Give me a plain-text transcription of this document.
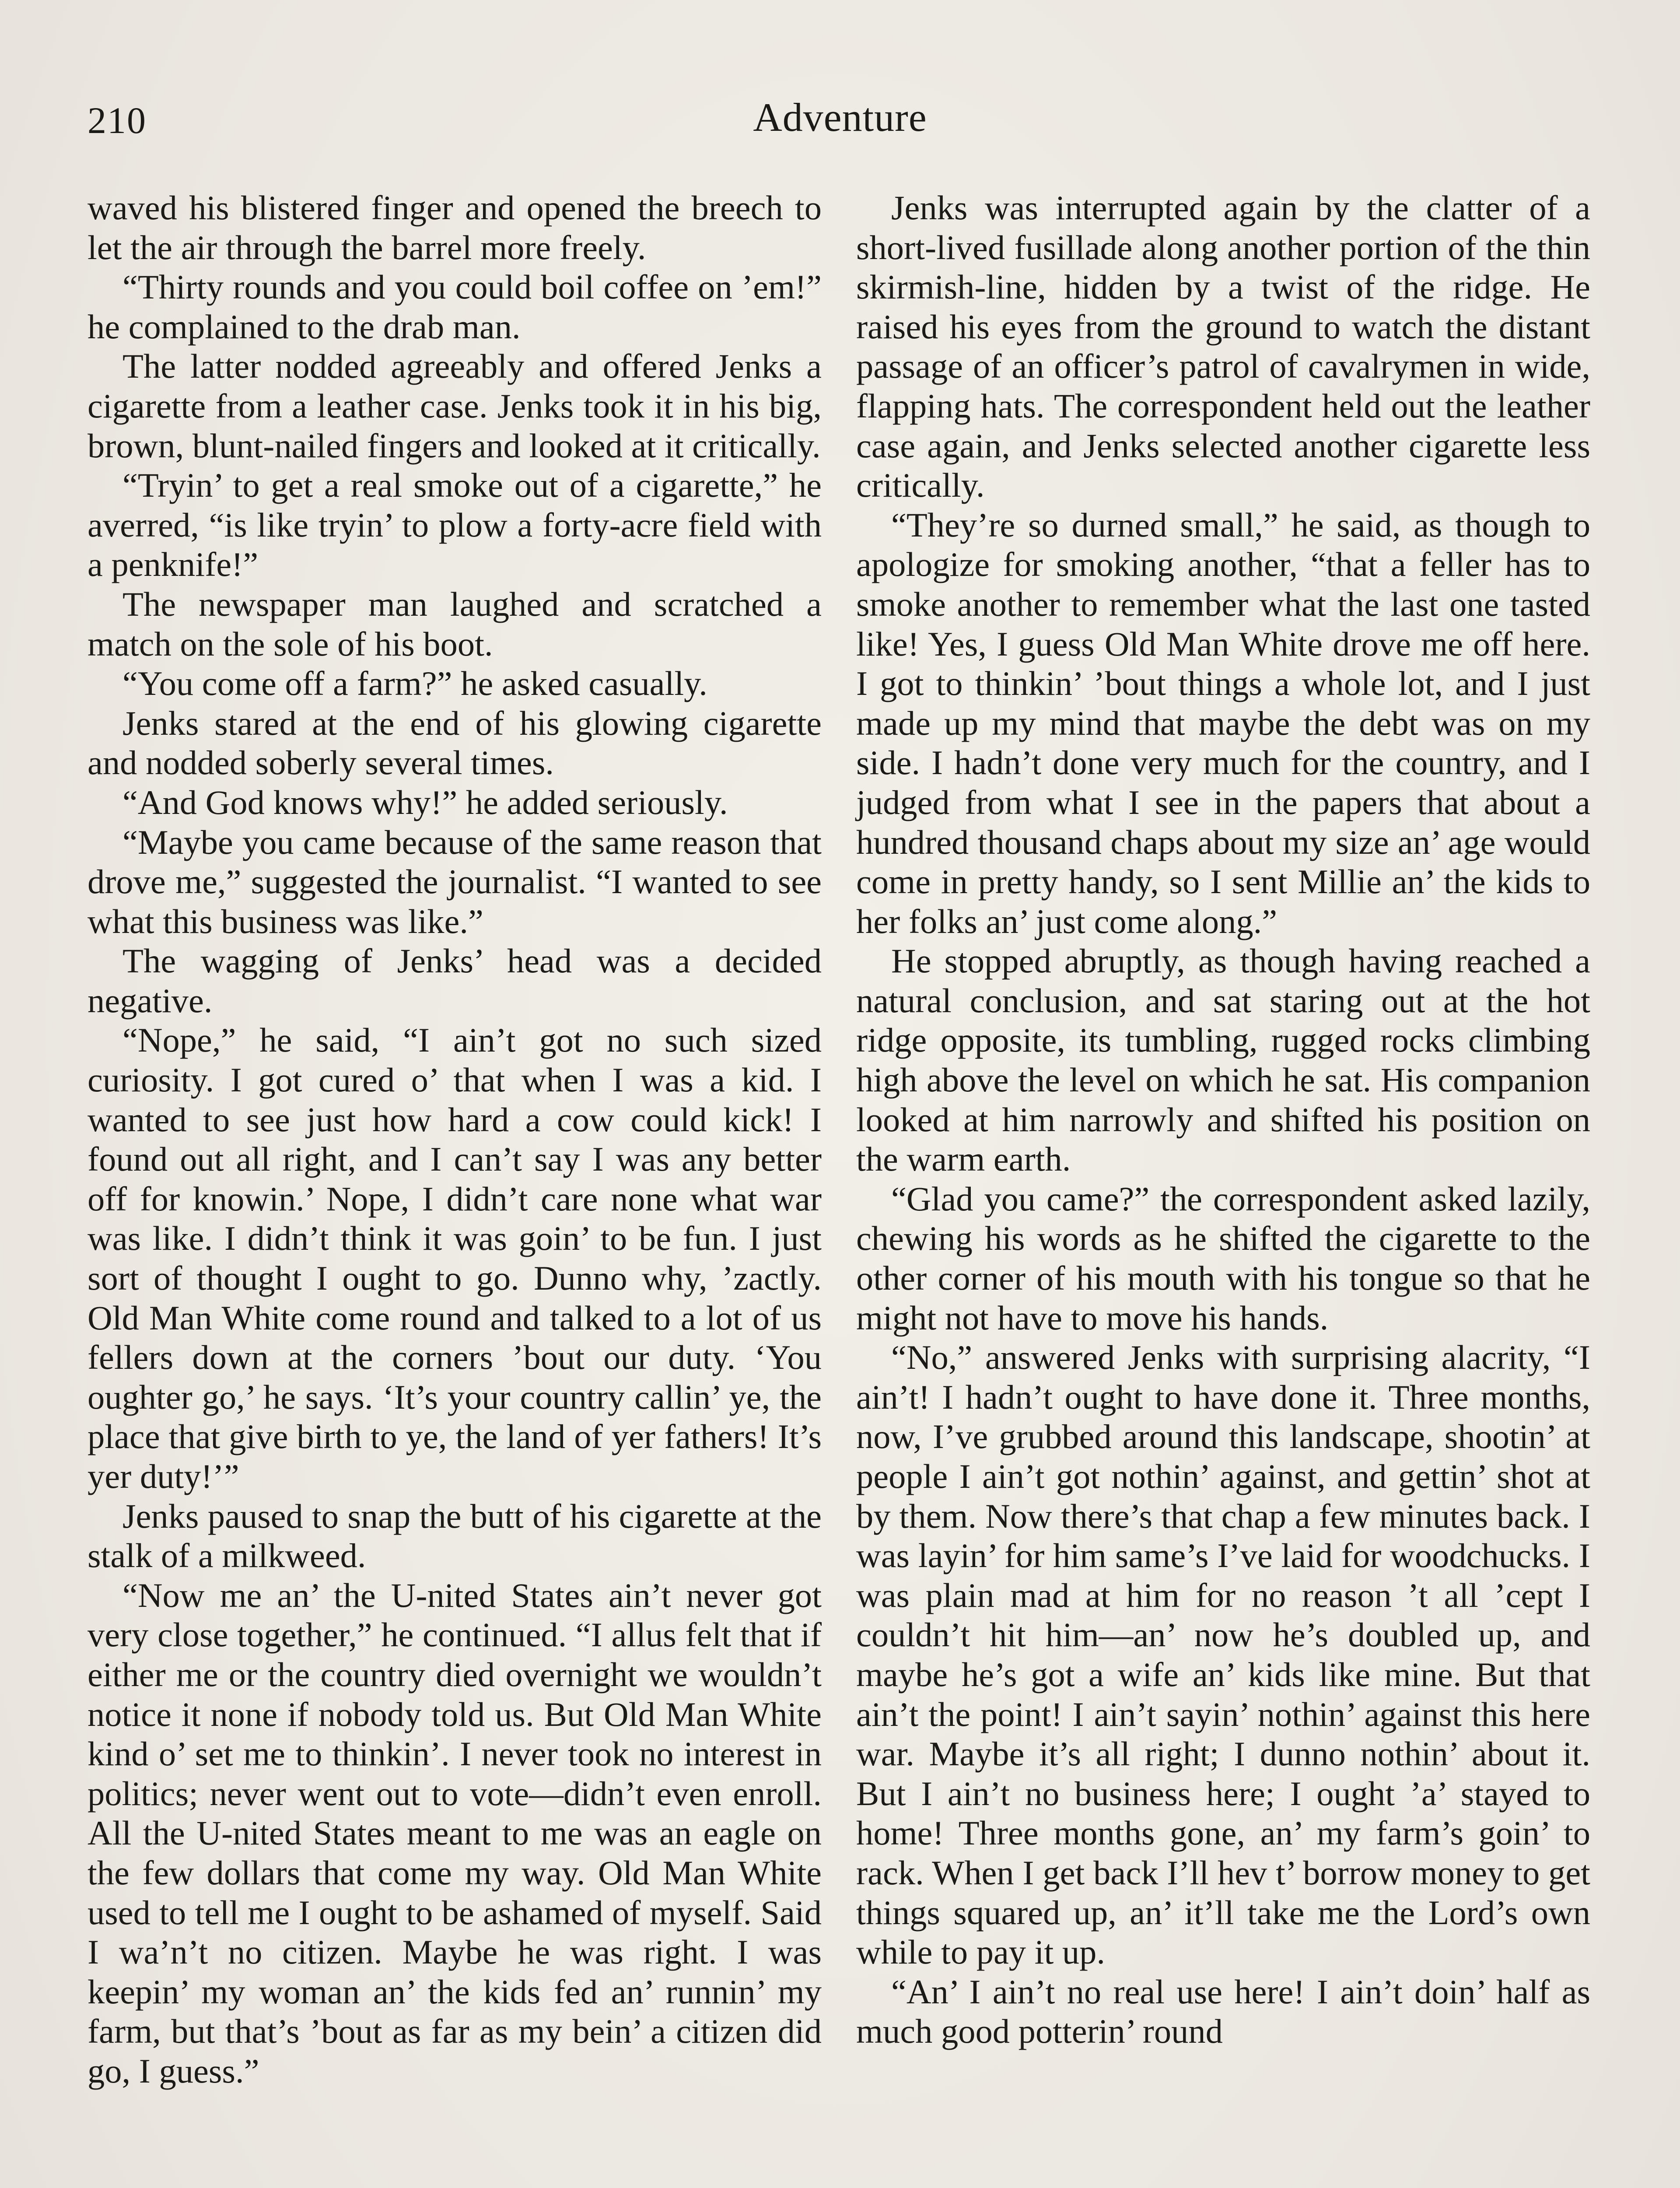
210	Adventure

waved his blistered finger and opened the breech to let the air through the barrel more freely.

“Thirty rounds and you could boil coffee on ’em!” he complained to the drab man.

The latter nodded agreeably and offered Jenks a cigarette from a leather case. Jenks took it in his big, brown, blunt-nailed fingers and looked at it critically.

“Tryin’ to get a real smoke out of a cigarette,” he averred, “is like tryin’ to plow a forty-acre field with a penknife!”

The newspaper man laughed and scratched a match on the sole of his boot.

“You come off a farm?” he asked casually.

Jenks stared at the end of his glowing cigarette and nodded soberly several times.

“And God knows why!” he added seriously.

“Maybe you came because of the same reason that drove me,” suggested the journalist. “I wanted to see what this business was like.”

The wagging of Jenks’ head was a decided negative.

“Nope,” he said, “I ain’t got no such sized curiosity. I got cured o’ that when I was a kid. I wanted to see just how hard a cow could kick! I found out all right, and I can’t say I was any better off for knowin.’ Nope, I didn’t care none what war was like. I didn’t think it was goin’ to be fun. I just sort of thought I ought to go. Dunno why, ’zactly. Old Man White come round and talked to a lot of us fellers down at the corners ’bout our duty. ‘You oughter go,’ he says. ‘It’s your country callin’ ye, the place that give birth to ye, the land of yer fathers! It’s yer duty!’”

Jenks paused to snap the butt of his cigarette at the stalk of a milkweed.

“Now me an’ the U-nited States ain’t never got very close together,” he continued. “I allus felt that if either me or the country died overnight we wouldn’t notice it none if nobody told us. But Old Man White kind o’ set me to thinkin’. I never took no interest in politics; never went out to vote—didn’t even enroll. All the U-nited States meant to me was an eagle on the few dollars that come my way. Old Man White used to tell me I ought to be ashamed of myself. Said I wa’n’t no citizen. Maybe he was right. I was keepin’ my woman an’ the kids fed an’ runnin’ my farm, but that’s ’bout as far as my bein’ a citizen did go, I guess.”

Jenks was interrupted again by the clatter of a short-lived fusillade along another portion of the thin skirmish-line, hidden by a twist of the ridge. He raised his eyes from the ground to watch the distant passage of an officer’s patrol of cavalrymen in wide, flapping hats. The correspondent held out the leather case again, and Jenks selected another cigarette less critically.

“They’re so durned small,” he said, as though to apologize for smoking another, “that a feller has to smoke another to remember what the last one tasted like! Yes, I guess Old Man White drove me off here. I got to thinkin’ ’bout things a whole lot, and I just made up my mind that maybe the debt was on my side. I hadn’t done very much for the country, and I judged from what I see in the papers that about a hundred thousand chaps about my size an’ age would come in pretty handy, so I sent Millie an’ the kids to her folks an’ just come along.”

He stopped abruptly, as though having reached a natural conclusion, and sat staring out at the hot ridge opposite, its tumbling, rugged rocks climbing high above the level on which he sat. His companion looked at him narrowly and shifted his position on the warm earth.

“Glad you came?” the correspondent asked lazily, chewing his words as he shifted the cigarette to the other corner of his mouth with his tongue so that he might not have to move his hands.

“No,” answered Jenks with surprising alacrity, “I ain’t! I hadn’t ought to have done it. Three months, now, I’ve grubbed around this landscape, shootin’ at people I ain’t got nothin’ against, and gettin’ shot at by them. Now there’s that chap a few minutes back. I was layin’ for him same’s I’ve laid for woodchucks. I was plain mad at him for no reason ’t all ’cept I couldn’t hit him—an’ now he’s doubled up, and maybe he’s got a wife an’ kids like mine. But that ain’t the point! I ain’t sayin’ nothin’ against this here war. Maybe it’s all right; I dunno nothin’ about it. But I ain’t no business here; I ought ’a’ stayed to home! Three months gone, an’ my farm’s goin’ to rack. When I get back I’ll hev t’ borrow money to get things squared up, an’ it’ll take me the Lord’s own while to pay it up.

“An’ I ain’t no real use here! I ain’t doin’ half as much good potterin’ round
